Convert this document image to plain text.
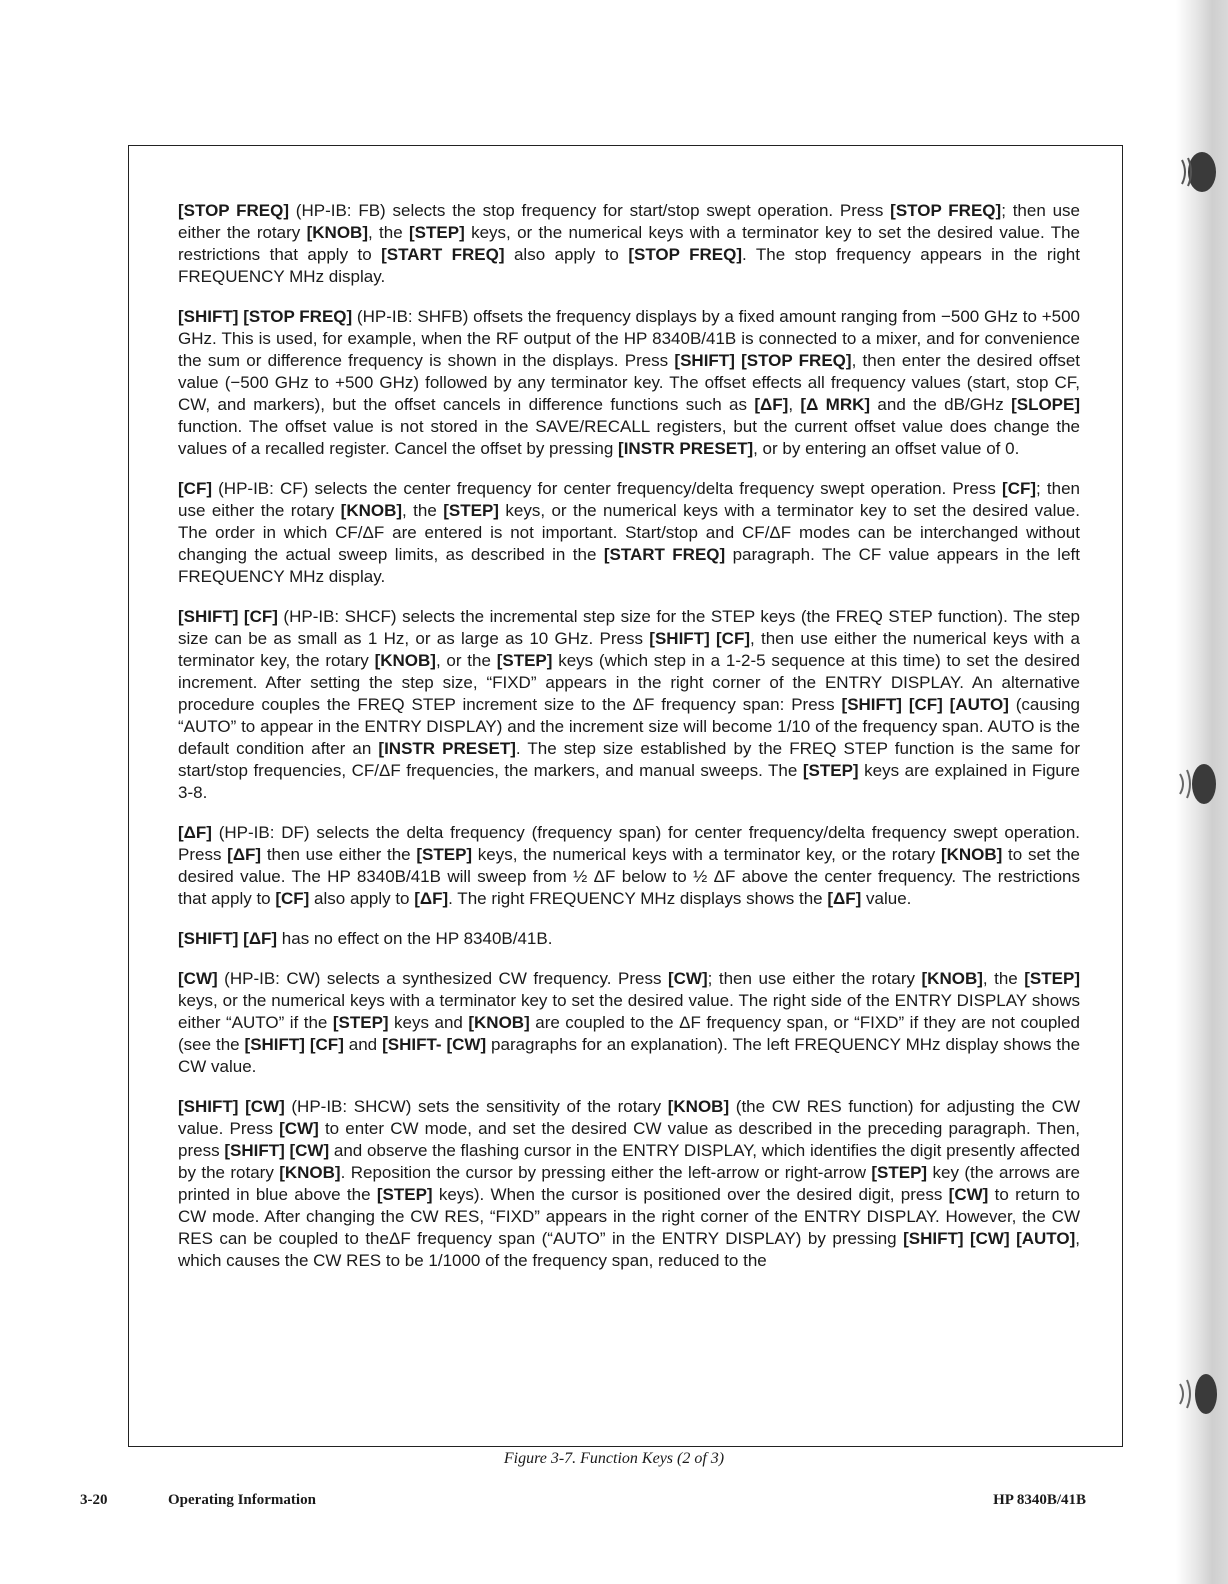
[STOP FREQ] (HP-IB: FB) selects the stop frequency for start/stop swept operation. Press [STOP FREQ]; then use either the rotary [KNOB], the [STEP] keys, or the numerical keys with a terminator key to set the desired value. The restrictions that apply to [START FREQ] also apply to [STOP FREQ]. The stop frequency appears in the right FREQUENCY MHz display.

[SHIFT] [STOP FREQ] (HP-IB: SHFB) offsets the frequency displays by a fixed amount ranging from −500 GHz to +500 GHz. This is used, for example, when the RF output of the HP 8340B/41B is connected to a mixer, and for convenience the sum or difference frequency is shown in the displays. Press [SHIFT] [STOP FREQ], then enter the desired offset value (−500 GHz to +500 GHz) followed by any terminator key. The offset effects all frequency values (start, stop CF, CW, and markers), but the offset cancels in difference functions such as [ΔF], [Δ MRK] and the dB/GHz [SLOPE] function. The offset value is not stored in the SAVE/RECALL registers, but the current offset value does change the values of a recalled register. Cancel the offset by pressing [INSTR PRESET], or by entering an offset value of 0.

[CF] (HP-IB: CF) selects the center frequency for center frequency/delta frequency swept operation. Press [CF]; then use either the rotary [KNOB], the [STEP] keys, or the numerical keys with a terminator key to set the desired value. The order in which CF/ΔF are entered is not important. Start/stop and CF/ΔF modes can be interchanged without changing the actual sweep limits, as described in the [START FREQ] paragraph. The CF value appears in the left FREQUENCY MHz display.

[SHIFT] [CF] (HP-IB: SHCF) selects the incremental step size for the STEP keys (the FREQ STEP function). The step size can be as small as 1 Hz, or as large as 10 GHz. Press [SHIFT] [CF], then use either the numerical keys with a terminator key, the rotary [KNOB], or the [STEP] keys (which step in a 1-2-5 sequence at this time) to set the desired increment. After setting the step size, “FIXD” appears in the right corner of the ENTRY DISPLAY. An alternative procedure couples the FREQ STEP increment size to the ΔF frequency span: Press [SHIFT] [CF] [AUTO] (causing “AUTO” to appear in the ENTRY DISPLAY) and the increment size will become 1/10 of the frequency span. AUTO is the default condition after an [INSTR PRESET]. The step size established by the FREQ STEP function is the same for start/stop frequencies, CF/ΔF frequencies, the markers, and manual sweeps. The [STEP] keys are explained in Figure 3-8.

[ΔF] (HP-IB: DF) selects the delta frequency (frequency span) for center frequency/delta frequency swept operation. Press [ΔF] then use either the [STEP] keys, the numerical keys with a terminator key, or the rotary [KNOB] to set the desired value. The HP 8340B/41B will sweep from ½ ΔF below to ½ ΔF above the center frequency. The restrictions that apply to [CF] also apply to [ΔF]. The right FREQUENCY MHz displays shows the [ΔF] value.

[SHIFT] [ΔF] has no effect on the HP 8340B/41B.

[CW] (HP-IB: CW) selects a synthesized CW frequency. Press [CW]; then use either the rotary [KNOB], the [STEP] keys, or the numerical keys with a terminator key to set the desired value. The right side of the ENTRY DISPLAY shows either “AUTO” if the [STEP] keys and [KNOB] are coupled to the ΔF frequency span, or “FIXD” if they are not coupled (see the [SHIFT] [CF] and [SHIFT- [CW] paragraphs for an explanation). The left FREQUENCY MHz display shows the CW value.

[SHIFT] [CW] (HP-IB: SHCW) sets the sensitivity of the rotary [KNOB] (the CW RES function) for adjusting the CW value. Press [CW] to enter CW mode, and set the desired CW value as described in the preceding paragraph. Then, press [SHIFT] [CW] and observe the flashing cursor in the ENTRY DISPLAY, which identifies the digit presently affected by the rotary [KNOB]. Reposition the cursor by pressing either the left-arrow or right-arrow [STEP] key (the arrows are printed in blue above the [STEP] keys). When the cursor is positioned over the desired digit, press [CW] to return to CW mode. After changing the CW RES, “FIXD” appears in the right corner of the ENTRY DISPLAY. However, the CW RES can be coupled to theΔF frequency span (“AUTO” in the ENTRY DISPLAY) by pressing [SHIFT] [CW] [AUTO], which causes the CW RES to be 1/1000 of the frequency span, reduced to the

Figure 3-7. Function Keys (2 of 3)
3-20	Operating Information	HP 8340B/41B
